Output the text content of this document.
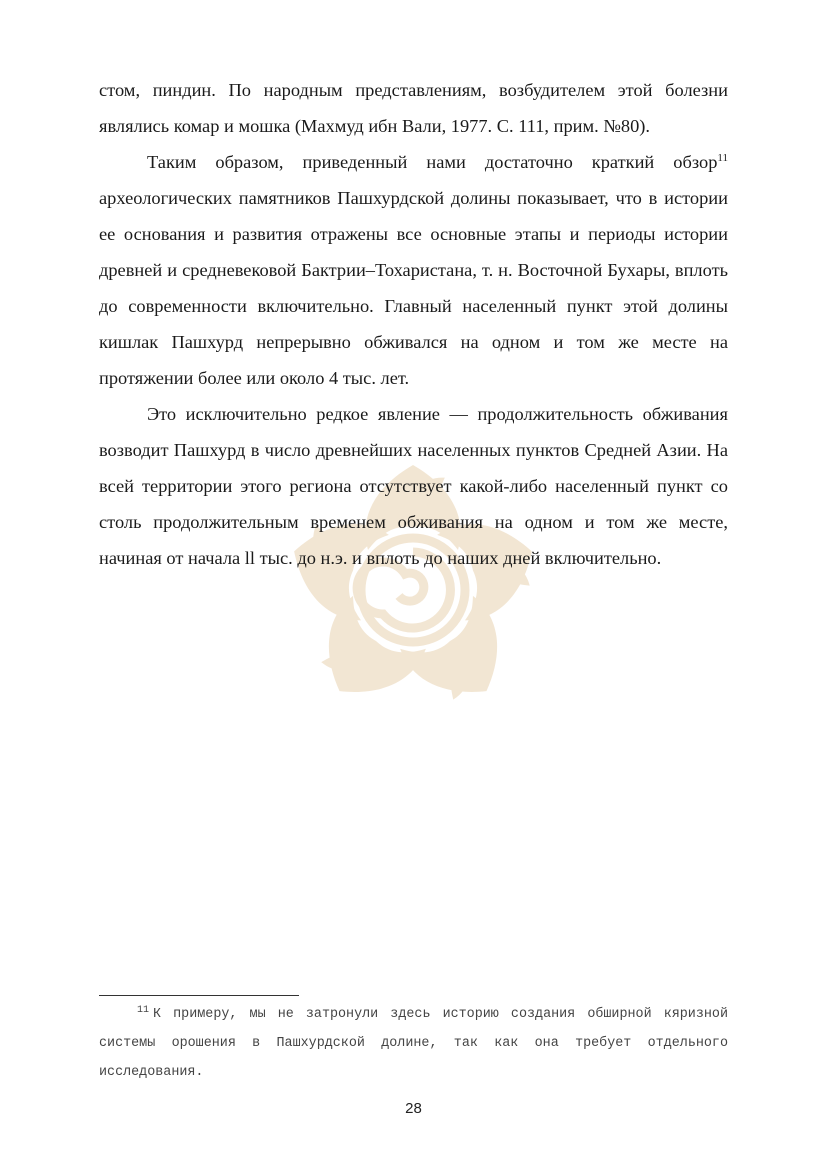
стом, пиндин. По народным представлениям, возбудителем этой болезни являлись комар и мошка (Махмуд ибн Вали, 1977. С. 111, прим. №80).

Таким образом, приведенный нами достаточно краткий обзор$^{11}$ археологических памятников Пашхурдской долины показывает, что в истории ее основания и развития отражены все основные этапы и периоды истории древней и средневековой Бактрии–Тохаристана, т. н. Восточной Бухары, вплоть до современности включительно. Главный населенный пункт этой долины кишлак Пашхурд непрерывно обживался на одном и том же месте на протяжении более или около 4 тыс. лет.

Это исключительно редкое явление — продолжительность обживания возводит Пашхурд в число древнейших населенных пунктов Средней Азии. На всей территории этого региона отсутствует какой-либо населенный пункт со столь продолжительным временем обживания на одном и том же месте, начиная от начала ll тыс. до н.э. и вплоть до наших дней включительно.

$^{11}$ К примеру, мы не затронули здесь историю создания обширной кяризной системы орошения в Пашхурдской долине, так как она требует отдельного исследования.
28
